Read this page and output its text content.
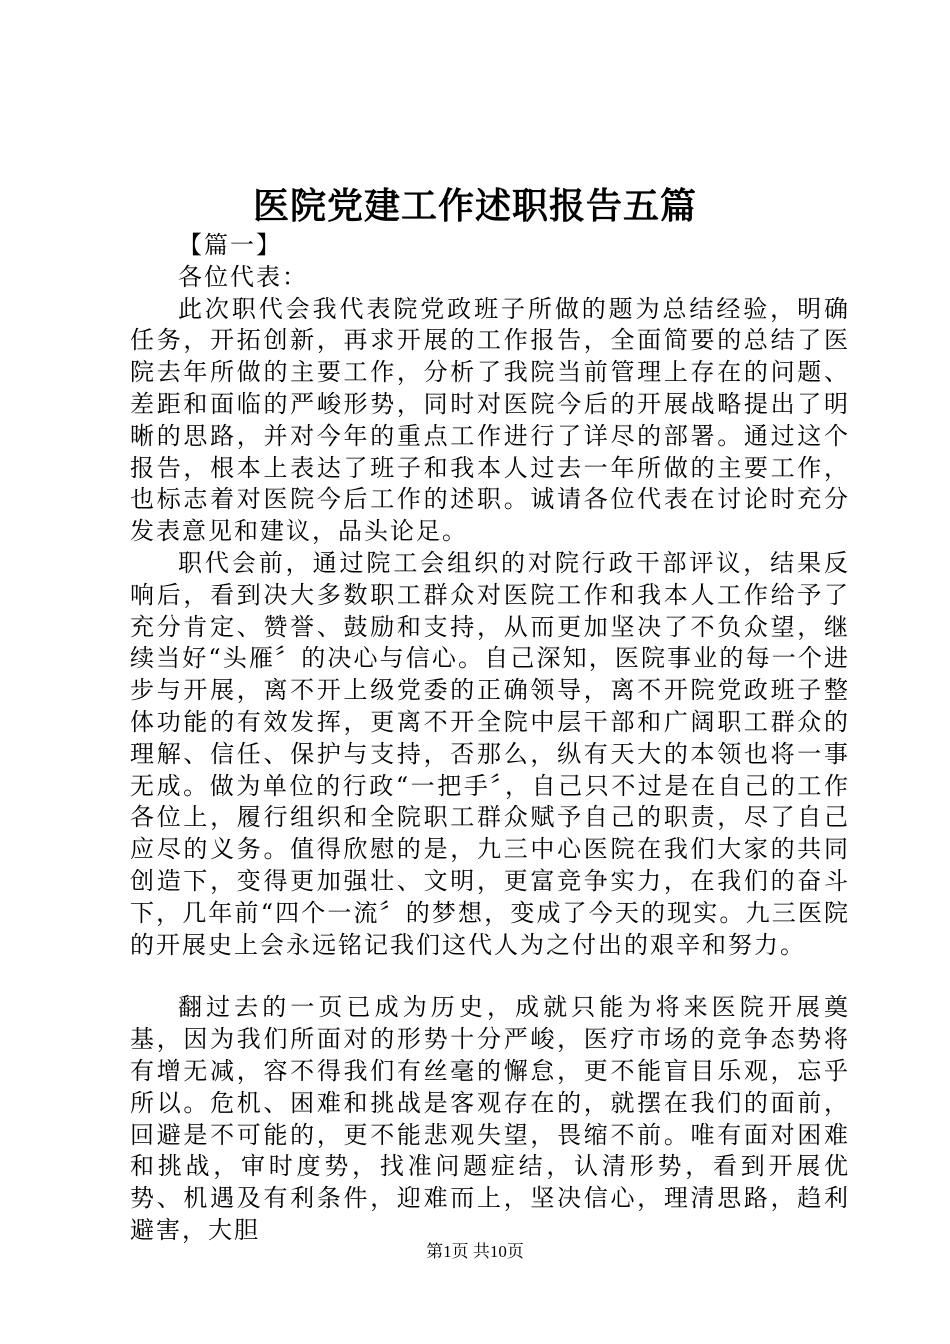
医院党建工作述职报告五篇

【篇一】

各位代表：

此次职代会我代表院党政班子所做的题为总结经验，明确任务，开拓创新，再求开展的工作报告，全面简要的总结了医院去年所做的主要工作，分析了我院当前管理上存在的问题、差距和面临的严峻形势，同时对医院今后的开展战略提出了明晰的思路，并对今年的重点工作进行了详尽的部署。通过这个报告，根本上表达了班子和我本人过去一年所做的主要工作，也标志着对医院今后工作的述职。诚请各位代表在讨论时充分发表意见和建议，品头论足。

职代会前，通过院工会组织的对院行政干部评议，结果反响后，看到决大多数职工群众对医院工作和我本人工作给予了充分肯定、赞誉、鼓励和支持，从而更加坚决了不负众望，继续当好“头雁〞的决心与信心。自己深知，医院事业的每一个进步与开展，离不开上级党委的正确领导，离不开院党政班子整体功能的有效发挥，更离不开全院中层干部和广阔职工群众的理解、信任、保护与支持，否那么，纵有天大的本领也将一事无成。做为单位的行政“一把手〞，自己只不过是在自己的工作各位上，履行组织和全院职工群众赋予自己的职责，尽了自己应尽的义务。值得欣慰的是，九三中心医院在我们大家的共同创造下，变得更加强壮、文明，更富竞争实力，在我们的奋斗下，几年前“四个一流〞的梦想，变成了今天的现实。九三医院的开展史上会永远铭记我们这代人为之付出的艰辛和努力。

翻过去的一页已成为历史，成就只能为将来医院开展奠基，因为我们所面对的形势十分严峻，医疗市场的竞争态势将有增无减，容不得我们有丝毫的懈怠，更不能盲目乐观，忘乎所以。危机、困难和挑战是客观存在的，就摆在我们的面前，回避是不可能的，更不能悲观失望，畏缩不前。唯有面对困难和挑战，审时度势，找准问题症结，认清形势，看到开展优势、机遇及有利条件，迎难而上，坚决信心，理清思路，趋利避害，大胆

第1页 共10页
